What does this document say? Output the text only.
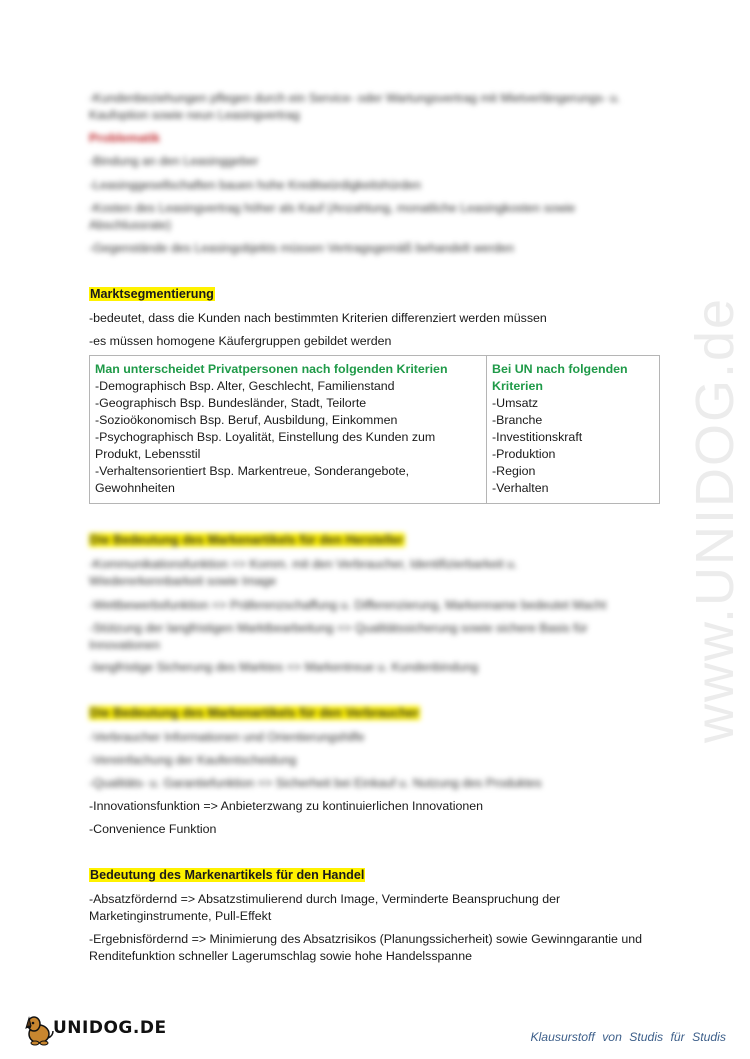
www.UNIDOG.de

-Kundenbeziehungen pflegen durch ein Service- oder Wartungsvertrag mit Mietverlängerungs- u. Kaufoption sowie neun Leasingvertrag

Problematik

-Bindung an den Leasinggeber

-Leasinggesellschaften bauen hohe Kreditwürdigkeitshürden

-Kosten des Leasingvertrag höher als Kauf (Anzahlung, monatliche Leasingkosten sowie Abschlussrate)

-Gegenstände des Leasingobjekts müssen Vertragsgemäß behandelt werden

Marktsegmentierung

-bedeutet, dass die Kunden nach bestimmten Kriterien differenziert werden müssen

-es müssen homogene Käufergruppen gebildet werden

Man unterscheidet Privatpersonen nach folgenden Kriterien
-Demographisch Bsp. Alter, Geschlecht, Familienstand
-Geographisch Bsp. Bundesländer, Stadt, Teilorte
-Sozioökonomisch Bsp. Beruf, Ausbildung, Einkommen
-Psychographisch Bsp. Loyalität, Einstellung des Kunden zum Produkt, Lebensstil
-Verhaltensorientiert Bsp. Markentreue, Sonderangebote, Gewohnheiten

Bei UN nach folgenden Kriterien
-Umsatz
-Branche
-Investitionskraft
-Produktion
-Region
-Verhalten
Die Bedeutung des Markenartikels für den Hersteller

-Kommunikationsfunktion => Komm. mit den Verbraucher, Identifizierbarkeit u. Wiedererkennbarkeit sowie Image

-Wettbewerbsfunktion => Präferenzschaffung u. Differenzierung, Markenname bedeutet Macht

-Stützung der langfristigen Marktbearbeitung => Qualitätssicherung sowie sichere Basis für Innovationen

-langfristige Sicherung des Marktes => Markentreue u. Kundenbindung

Die Bedeutung des Markenartikels für den Verbraucher

-Verbraucher Informationen und Orientierungshilfe

-Vereinfachung der Kaufentscheidung

-Qualitäts- u. Garantiefunktion => Sicherheit bei Einkauf u. Nutzung des Produktes

-Innovationsfunktion => Anbieterzwang zu kontinuierlichen Innovationen

-Convenience Funktion

Bedeutung des Markenartikels für den Handel

-Absatzfördernd => Absatzstimulierend durch Image, Verminderte Beanspruchung der Marketinginstrumente, Pull-Effekt

-Ergebnisfördernd => Minimierung des Absatzrisikos (Planungssicherheit) sowie Gewinngarantie und Renditefunktion schneller Lagerumschlag sowie hohe Handelsspanne

UNIDOG.DE	Klausurstoff von Studis für Studis
